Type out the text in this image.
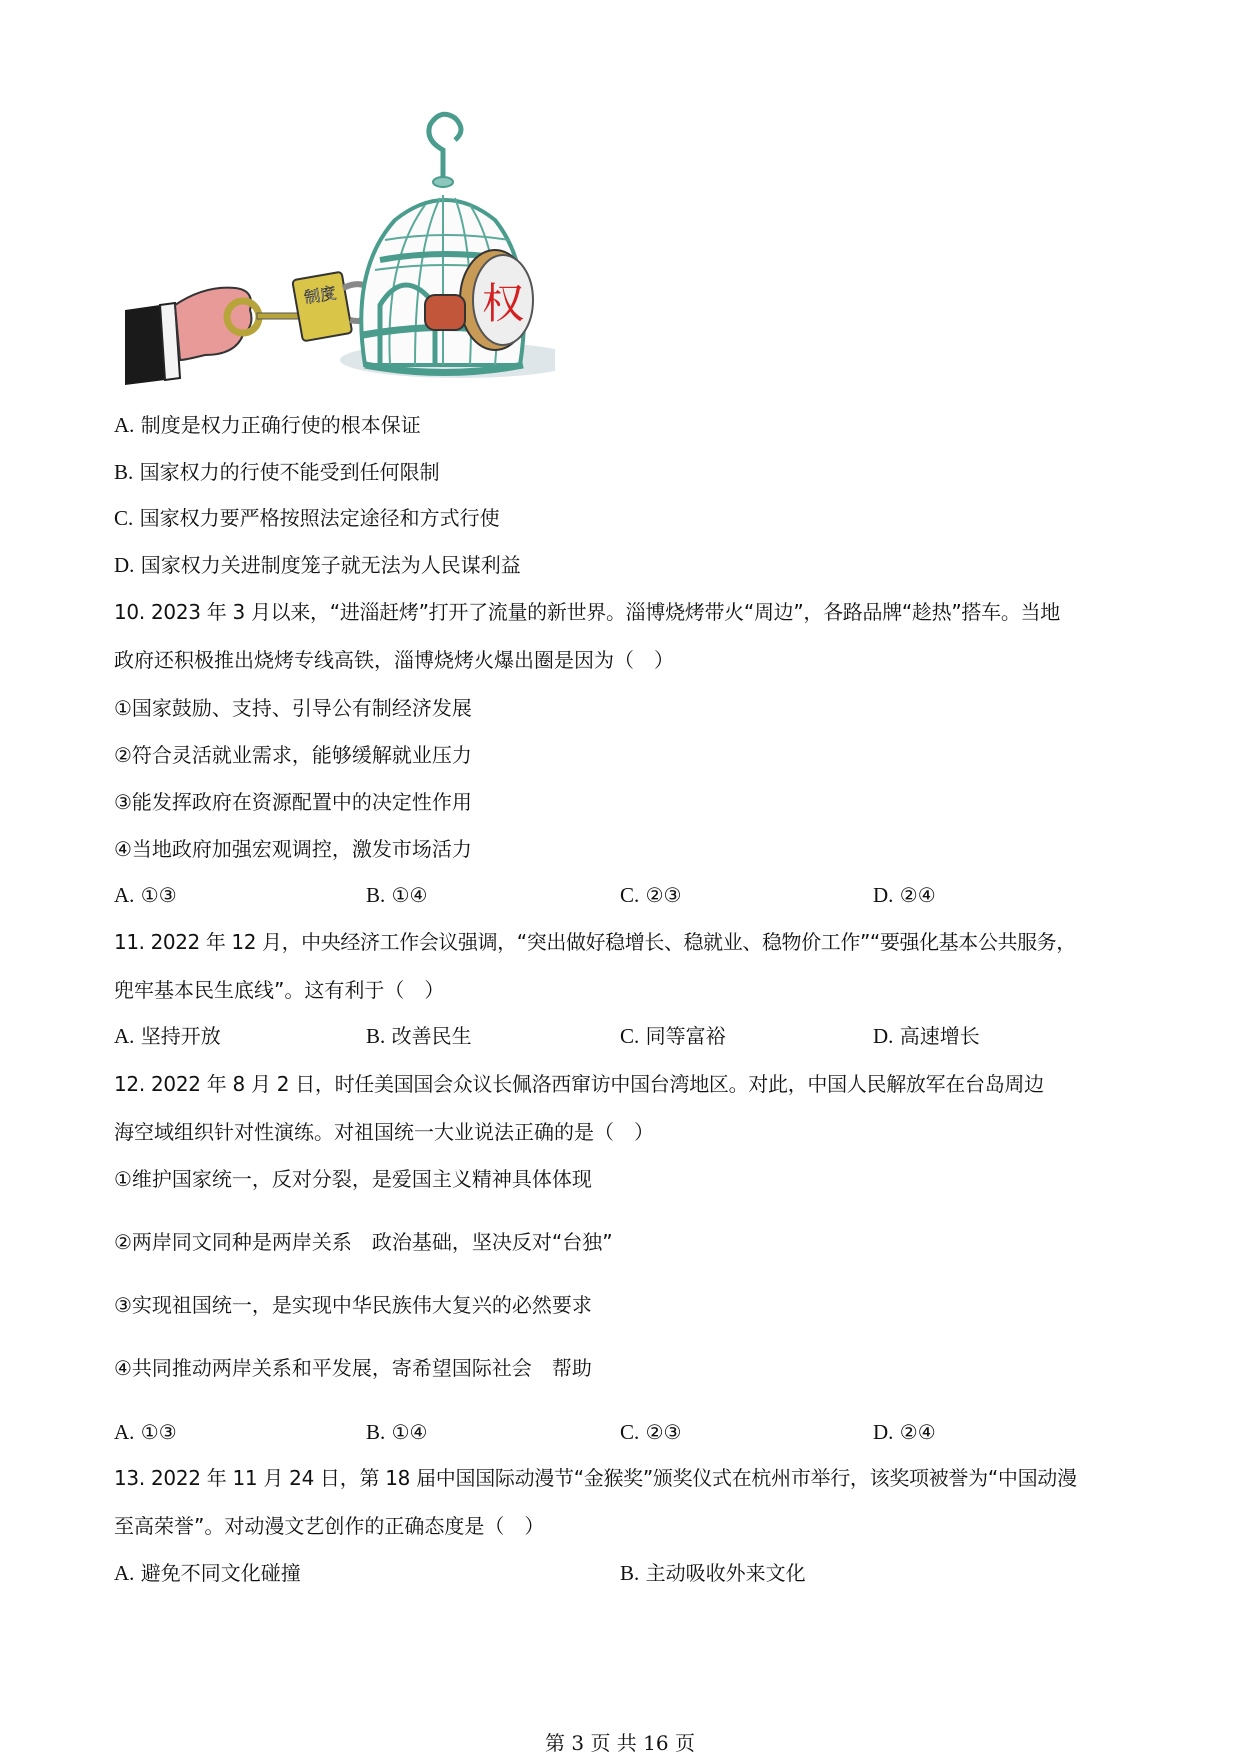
制度	权
A. 制度是权力正确行使的根本保证
B. 国家权力的行使不能受到任何限制
C. 国家权力要严格按照法定途径和方式行使
D. 国家权力关进制度笼子就无法为人民谋利益
10. 2023 年 3 月以来，“进淄赶烤”打开了流量的新世界。淄博烧烤带火“周边”，各路品牌“趁热”搭车。当地
政府还积极推出烧烤专线高铁，淄博烧烤火爆出圈是因为（　）
①国家鼓励、支持、引导公有制经济发展
②符合灵活就业需求，能够缓解就业压力
③能发挥政府在资源配置中的决定性作用
④当地政府加强宏观调控，激发市场活力
A. ①③	B. ①④	C. ②③	D. ②④
11. 2022 年 12 月，中央经济工作会议强调，“突出做好稳增长、稳就业、稳物价工作”“要强化基本公共服务，
兜牢基本民生底线”。这有利于（　）
A. 坚持开放	B. 改善民生	C. 同等富裕	D. 高速增长
12. 2022 年 8 月 2 日，时任美国国会众议长佩洛西窜访中国台湾地区。对此，中国人民解放军在台岛周边
海空域组织针对性演练。对祖国统一大业说法正确的是（　）
①维护国家统一，反对分裂，是爱国主义精神具体体现
②两岸同文同种是两岸关系　政治基础，坚决反对“台独”
③实现祖国统一，是实现中华民族伟大复兴的必然要求
④共同推动两岸关系和平发展，寄希望国际社会　帮助
A. ①③	B. ①④	C. ②③	D. ②④
13. 2022 年 11 月 24 日，第 18 届中国国际动漫节“金猴奖”颁奖仪式在杭州市举行，该奖项被誉为“中国动漫
至高荣誉”。对动漫文艺创作的正确态度是（　）
A. 避免不同文化碰撞	B. 主动吸收外来文化
第 3 页 共 16 页
